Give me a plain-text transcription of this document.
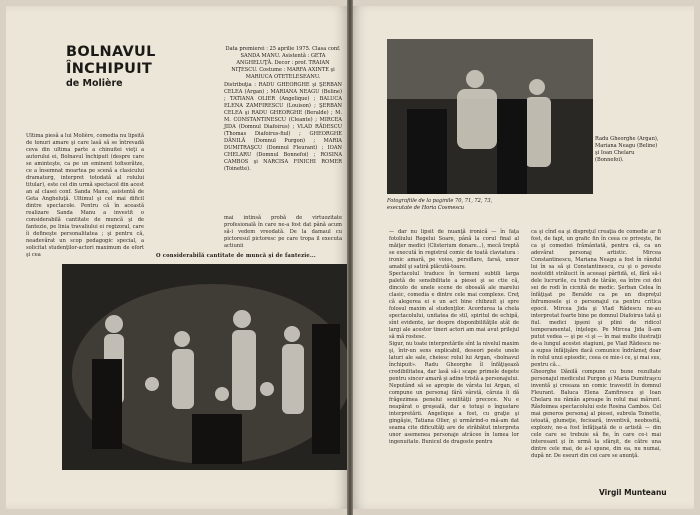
BOLNAVUL
ÎNCHIPUIT
de Molière
Ultima piesă a lui Molière, comedia nu lipsită de tonuri amare şi care lasă să se întrevadă ceva din ultima parte a chinuitei vieţi a autorului ei, Bolnavul închipuit (despre care se aminteşte, ca pe un eminent tofisorătze, ce a însemnat moartea pe scenă a clasicului dramaturg, interpret totodată al rolului titular), este cel din urmă spectacol din acest an al clasei conf. Sanda Manu, asistentă de Geta Angheluţă. Ultimul şi cel mai dificil dintre spectacole. Pentru că în această realizare Sanda Manu a investit o considerabilă cantitate de muncă şi de fantezie, pe linia travaliului ei regizoral, care îi defineşte personalitatea ; şi pentru că, neadevărat un scop pedagogic special, a solicitat studenţilor-actori maximum de efort şi cea
Data premierei : 25 aprilie 1975. Clasa conf. SANDA MANU. Asistentă : GETA ANGHELUŢĂ. Decor : prof. TRAIAN NIŢESCU. Costume : MARFA AXINTE şi MARIUCA OTETELESEANU.
Distribuţia : RADU GHEORGHE şi ŞERBAN CELEA (Argan) ; MARIANA NEAGU (Beline) ; TATIANA OLIER (Angelique) ; BALUCA ELENA ZAMFIRESCU (Louison) ; ŞERBAN CELEA şi RADU GHEORGHE (Beralde) ; M. M. CONSTANTINESCU (Cleante) ; MIRCEA JIDA (Domnul Diafoirus) ; VLAD RĂDESCU (Thomas Diafoirus-fiul) ; GHEORGHE DĂNILĂ (Domnul Purgon) ; MARIA DUMITRAŞCU (Domnul Fleurant) ; IOAN CHELARU (Domnul Bonnefoi) ; ROSINA CAMBOS şi NARCISA FINICHI ROMER (Toinette).
mai intinsă probă de virtuozitate profesională în care ne-a fost dat până acum să-i vedem vreodată. De la damaul cu pictoresul pictoresc pe care tropa il executa actiunii
O considerabilă cantitate de muncă şi de fantezie...
Radu Gheorghe (Argan), Mariana Neagu (Beline) şi Ioan Chelaru (Bonnefoi).
Fotografiile de la paginile 70, 71, 72, 73, executate de Horia Cosmescu
— dar nu lipsit de nuanţă ironică — în faţa fotoliului Regelui Soare, până la corul final al măiţer medici (Clisterium donare...), mecă treptă se execută în registrul comic de toată claviatura : ironic amară, pe voios, persiflare, farsă, umor amabil şi satiră plăcută-toare.
Spectacolul traduce în termeni subtili larga paletă de sensibilitate a piesei şi se ctie că, dincolo de unele scene de obosală ale marelui clasic, comedia e dintre cele mai complexe. Creţ că alegerea ei e un act bine chibzuit şi spre folosul maxim al studenţilor. Acordurea la chela spectacolului, unitatea de stil, spiritul de echipă, sînt evidente, iar despre disponibilităţile atât de largi ale acestor tineri actori am mai avut prilejul să mă rostesc.
Sigur, nu toate interpretările sînt la nivelul maxim şi, într-un sens explicabil, deseori peste unele laturi ale sale, cheiesc rolul lui Argan, «bolnavul închipuit». Radu Gheorghe îl înfăţişează credibilitatea, dar lasă să-i scape primele degete pentru sincer amară şi adine tristă a personajului. Neputând să se apropie de vârsta lui Argan, el compune un personaj fără vârstă, căruia îi dă frăgezimea penelui senilităţii precoce. Nu e neapărat o greşeală, dar e totuşi o îngustare interpretării. Angelique a fost, cu graţie şi gingăşie, Tatiana Olier, şi urmărind-o mă-am dat seama cite dificultăţi are de străbătut interpreta unor asemenea personaje atrăcee în lumea lor ingenuitate. Bunicul de dragoste pentru
ca şi cînd ea şi dispreţul creaţia de comedie ar fi fost, de fapt, un grafic fin în ceea ce priveşte, fie ca şi comediei frământată, pentru că, ca un adevărat personaj artistic. Mircea Constantinescu, Mariana Neagu a fost în rândul lui în sa să şi Constantinescu, cu şi o poveste nostoldit strălucit în aceeaşi pârfidă, el, fără să-i dele lucrurile, cu trafi de tărâie, ea între cei doi sei de rodi în cicnită de medic. Şerban Celea în înfăţişat pe Beralde ca pe un dispreţul înfrumosele şi o personajul ca pentru critica epocii. Mircea Jida şi Vlad Rădescu ne-au interpretat foarte bine pe domnul Diafoirus tată şi fiul. medici ipşeni şi plini de ridicol temperamental, înţelege. Pe Mircea Jida îl-am putut vedea — şi pe «i şi — în mai multe ilustraţii de-a lungul acestei stagiuni, pe Vlad Rădescu ne-a supus înfăţişăre dacă comunice îndrăzneţ doar în rolul unui episodic, ceea ce mie-i ce, şi mai sus, pentru că...
Gheorghe Dănilă compune cu bune rezultate personajul medicului Purgon şi Maria Dumitraşcu inventă şi creeaza un comic travestit în domnul Fleurant. Baluca Elena Zamfirescu şi Ioan Chelaru nu rămân aproape în rolul mai mărunt. Răsfoimea spectacolului este Rosina Cambos. Cel mai generos personaj al piesei, subrela Toinette, istoată, glumeţie, fecioară, inventivă, neobosită, exploziv, ne-a fost înfăţişată de o artistă — din cele care se trebuie să fie, în care ce-i mai interesant şi în urmă la sfârşit, de către una dintre cele mai, de a-l spune, din ea, nu numai, după nr. De eseuri din cei care se anunţă.
Virgil Munteanu
